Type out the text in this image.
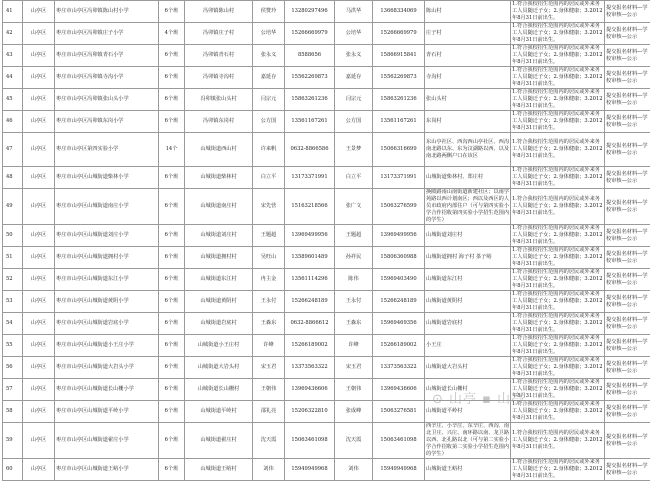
41	山亭区	枣庄市山亭区冯卯镇陈山村小学	6个班	冯卯镇陈山村	侯赞玲	13280297496	马洪华	13668334069	陈山村	1.符合我校招生范围内的居民或外来务工人员随迁子女；2.身体健康；3.2012年8月31日前出生。	提交报名材料—学校审核—公示
42	山亭区	枣庄市山亭区冯卯镇庄子小学	4个班	冯卯镇庄子村	公培华	15266669979	公培华	15266669979	庄子村	1.符合我校招生范围内的居民或外来务工人员随迁子女；2.身体健康；3.2012年8月31日前出生。	提交报名材料—学校审核—公示
43	山亭区	枣庄市山亭区冯卯镇青石小学	6个班	冯卯镇青石村	张永义	8588656	张永义	15866915841	青石村	1.符合我校招生范围内的居民或外来务工人员随迁子女；2.身体健康；3.2012年8月31日前出生。	提交报名材料—学校审核—公示
44	山亭区	枣庄市山亭区冯卯镇寺沟小学	6个班	冯卯镇寺沟村	嘉延存	15562269873	嘉延存	15562269873	寺沟村	1.符合我校招生范围内的居民或外来务工人员随迁子女；2.身体健康；3.2012年8月31日前出生。	提交报名材料—学校审核—公示
45	山亭区	枣庄市山亭区冯卯镇张山头小学	6个班	冯卯镇张山头村	闫宗元	15863261236	闫宗元	15863261236	张山头村	1.符合我校招生范围内的居民或外来务工人员随迁子女；2.身体健康；3.2012年8月31日前出生。	提交报名材料—学校审核—公示
46	山亭区	枣庄市山亭区冯卯镇东岗小学	6个班	冯卯镇东岗村	公方国	13561167261	公方国	13561167261	东岗村	1.符合我校招生范围内的居民或外来务工人员随迁子女；2.身体健康；3.2012年8月31日前出生。	提交报名材料—学校审核—公示
47	山亭区	枣庄市山亭区第四实验小学	14个	山城街道西山村	许来帆	0632-8866586	王景梦	15066316699	东山亭社区、西沟西山亭社区、西沟南北路以东、东为汶湖路以西、以及南北路两侧户口在该区	1.符合我校招生范围内的居民或外来务工人员随迁子女；2.身体健康；3.2012年8月31日前出生。	提交报名材料—学校审核—公示
48	山亭区	枣庄市山亭区山城街道柴林小学	6个班	山城街道柴林村	白立平	13173371991	白立平	13173371991	山城街道柴林村、郑庄村	1.符合我校招生范围内的居民或外来务工人员随迁子女；2.身体健康；3.2012年8月31日前出生。	提交报名材料—学校审核—公示
49	山亭区	枣庄市山亭区山城街道南庄小学	6个班	山城街道南庄村	宋先营	15163218566	张广文	15063276599	换陂路南山南街道新建社区；以南学苑路以西计划南区；西以及西区的人员市政府内部住户（可与第四实验小学合作招收第四实验小学招生范围内的学生）	1.符合我校招生范围内的居民或外来务工人员随迁子女；2.身体健康；3.2012年8月31日前出生。	提交报名材料—学校审核—公示
50	山亭区	枣庄市山亭区山城街道刘庄小学	6个班	山城街道刘庄村	王题超	13969499956	王题超	13969499956	山城街道刘庄村	1.符合我校招生范围内的居民或外来务工人员随迁子女；2.身体健康；3.2012年8月31日前出生。	提交报名材料—学校审核—公示
51	山亭区	枣庄市山亭区山城街道拥村小学	6个班	山城街道拥村村	吴旺山	13589601489	孙祥民	15806360988	山城街道拥村 海子村 茶子峪	1.符合我校招生范围内的居民或外来务工人员随迁子女；2.身体健康；3.2012年8月31日前出生。	提交报名材料—学校审核—公示
52	山亭区	枣庄市山亭区山城街道东江小学	6个班	山城街道东江村	冉主金	13561114296	陈伟	15969403490	山城街道东江村	1.符合我校招生范围内的居民或外来务工人员随迁子女；2.身体健康；3.2012年8月31日前出生。	提交报名材料—学校审核—公示
53	山亭区	枣庄市山亭区山城街道黄阴小学	6个班	山城街道黄阴村	王永付	15266248189	王永付	15266248189	山城街道黄阴村	1.符合我校招生范围内的居民或外来务工人员随迁子女；2.身体健康；3.2012年8月31日前出生。	提交报名材料—学校审核—公示
54	山亭区	枣庄市山亭区山城街道岩底小学	6个班	山城街道岩底村	王森东	0632-8866612	王森东	15969469356	山城街道岩底村	1.符合我校招生范围内的居民或外来务工人员随迁子女；2.身体健康；3.2012年8月31日前出生。	提交报名材料—学校审核—公示
55	山亭区	枣庄市山亭区山城街道小王庄小学	6个班	山城街道小王庄村	许峰	15266189002	许峰	15266189002	小王庄	1.符合我校招生范围内的居民或外来务工人员随迁子女；2.身体健康；3.2012年8月31日前出生。	提交报名材料—学校审核—公示
56	山亭区	枣庄市山亭区山城街道大岩头小学	6个班	山城街道大岩头村	宋玉君	13373563322	宋玉君	13373563322	山城街道大岩头村	1.符合我校招生范围内的居民或外来务工人员随迁子女；2.身体健康；3.2012年8月31日前出生。	提交报名材料—学校审核—公示
57	山亭区	枣庄市山亭区山城街道长山栅小学	6个班	山城街道长山栅村	王朝伟	13969436606	王朝伟	13969436606	山城街道长山栅村	1.符合我校招生范围内的居民或外来务工人员随迁子女；2.身体健康；3.2012年8月31日前出生。	提交报名材料—学校审核—公示
58	山亭区	枣庄市山亭区山城街道平岭小学	6个班	山城街道平岭村	邵礼亮	15206322810	张成峰	15063276581	山城街道平岭村	1.符合我校招生范围内的居民或外来务工人员随迁子女；2.身体健康；3.2012年8月31日前出生。	提交报名材料—学校审核—公示
59	山亭区	枣庄市山亭区山城街道翟庄小学	6个班	山城街道翟庄村	沈天霞	15063461098	沈天霞	15063461098	西辛庄、小辛庄、东辛庄、西沟、南北卫庄、兴庄、南环路以南、龙卫路以西、北孔路以北（可与第二实验小学合作招收第二实验小学招生范围内的学生）	1.符合我校招生范围内的居民或外来务工人员随迁子女；2.身体健康；3.2012年8月31日前出生。	提交报名材料—学校审核—公示
60	山亭区	枣庄市山亭区山城街道王峪小学	6个班	山城街道王峪村	刘伟	15949949968	刘伟	15949949968	山城街道王峪村	1.符合我校招生范围内的居民或外来务工人员随迁子女；2.身体健康；3.2012年8月31日前出生。	提交报名材料—学校审核—公示
⊙ 山亭 ▪ 山亭
